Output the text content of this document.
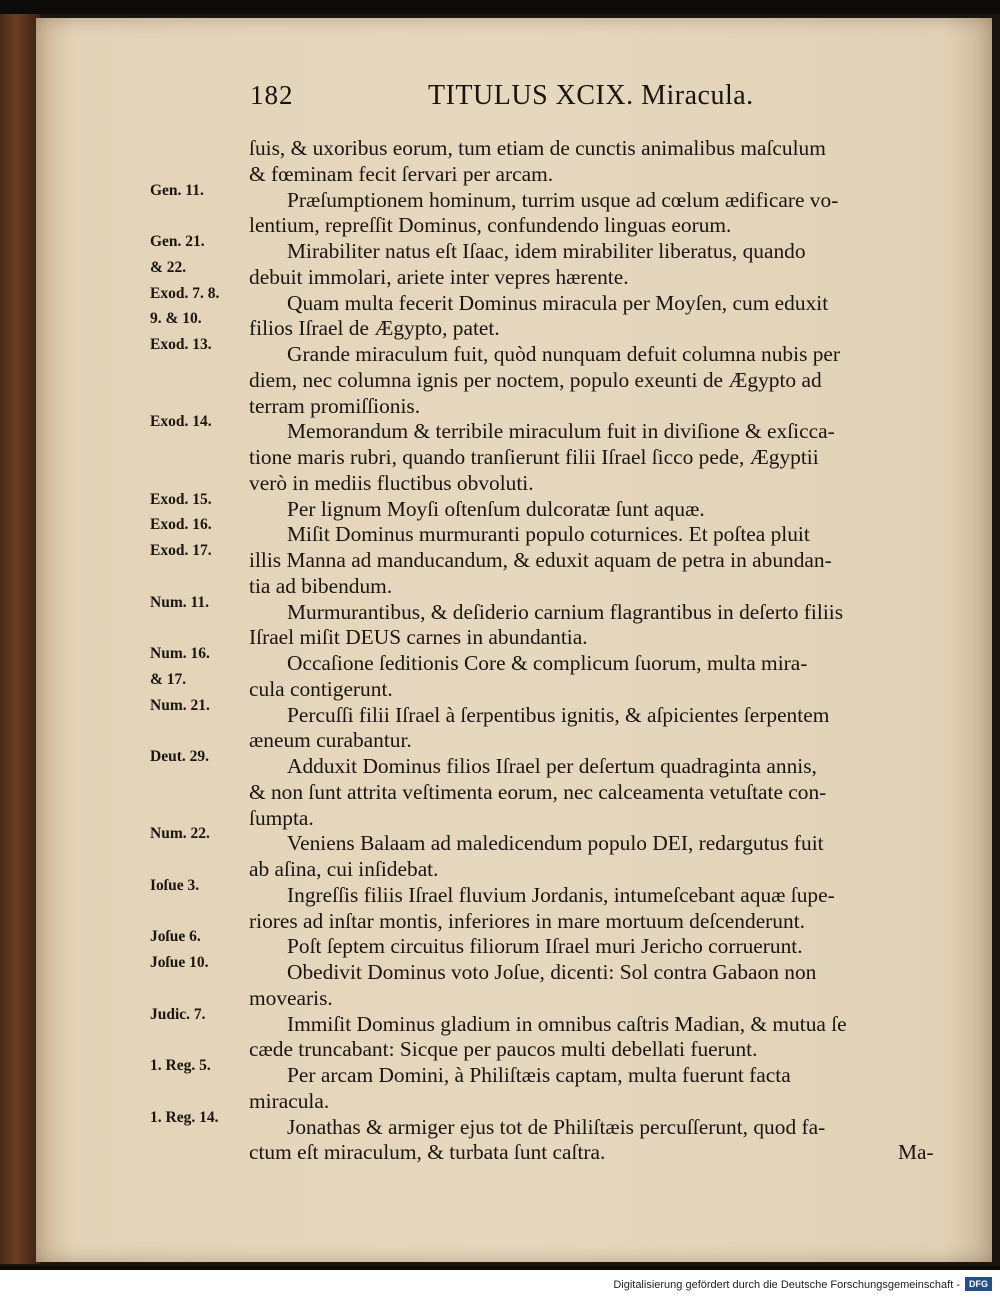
182	TITULUS XCIX. Miracula.
ſuis, & uxoribus eorum, tum etiam de cunctis animalibus maſculum
& fœminam fecit ſervari per arcam.
Gen. 11.	Præſumptionem hominum, turrim usque ad cœlum ædificare vo-
lentium, repreſſit Dominus, confundendo linguas eorum.
Gen. 21.	Mirabiliter natus eſt Iſaac, idem mirabiliter liberatus, quando
& 22.	debuit immolari, ariete inter vepres hærente.
Exod. 7. 8.	Quam multa fecerit Dominus miracula per Moyſen, cum eduxit
9. & 10. filios Iſrael de Ægypto, patet.
Exod. 13.	Grande miraculum fuit, quòd nunquam defuit columna nubis per
diem, nec columna ignis per noctem, populo exeunti de Ægypto ad
terram promiſſionis.
Exod. 14.	Memorandum & terribile miraculum fuit in diviſione & exſicca-
tione maris rubri, quando tranſierunt filii Iſrael ſicco pede, Ægyptii
verò in mediis fluctibus obvoluti.
Exod. 15.	Per lignum Moyſi oſtenſum dulcoratæ ſunt aquæ.
Exod. 16.	Miſit Dominus murmuranti populo coturnices. Et poſtea pluit
Exod. 17. illis Manna ad manducandum, & eduxit aquam de petra in abundan-
tia ad bibendum.
Num. 11.	Murmurantibus, & deſiderio carnium flagrantibus in deſerto filiis
Iſrael miſit DEUS carnes in abundantia.
Num. 16.	Occaſione ſeditionis Core & complicum ſuorum, multa mira-
& 17.	cula contigerunt.
Num. 21.	Percuſſi filii Iſrael à ſerpentibus ignitis, & aſpicientes ſerpentem
æneum curabantur.
Deut. 29.	Adduxit Dominus filios Iſrael per deſertum quadraginta annis,
& non ſunt attrita veſtimenta eorum, nec calceamenta vetuſtate con-
ſumpta.
Num. 22.	Veniens Balaam ad maledicendum populo DEI, redargutus fuit
ab aſina, cui inſidebat.
Ioſue 3.	Ingreſſis filiis Iſrael fluvium Jordanis, intumeſcebant aquæ ſupe-
riores ad inſtar montis, inferiores in mare mortuum deſcenderunt.
Joſue 6.	Poſt ſeptem circuitus filiorum Iſrael muri Jericho corruerunt.
Joſue 10.	Obedivit Dominus voto Joſue, dicenti: Sol contra Gabaon non
movearis.
Judic. 7.	Immiſit Dominus gladium in omnibus caſtris Madian, & mutua ſe
cæde truncabant: Sicque per paucos multi debellati fuerunt.
1. Reg. 5.	Per arcam Domini, à Philiſtæis captam, multa fuerunt facta
miracula.
1. Reg. 14.	Jonathas & armiger ejus tot de Philiſtæis percuſſerunt, quod fa-
ctum eſt miraculum, & turbata ſunt caſtra.	Ma-
Digitalisierung gefördert durch die Deutsche Forschungsgemeinschaft -	DFG
